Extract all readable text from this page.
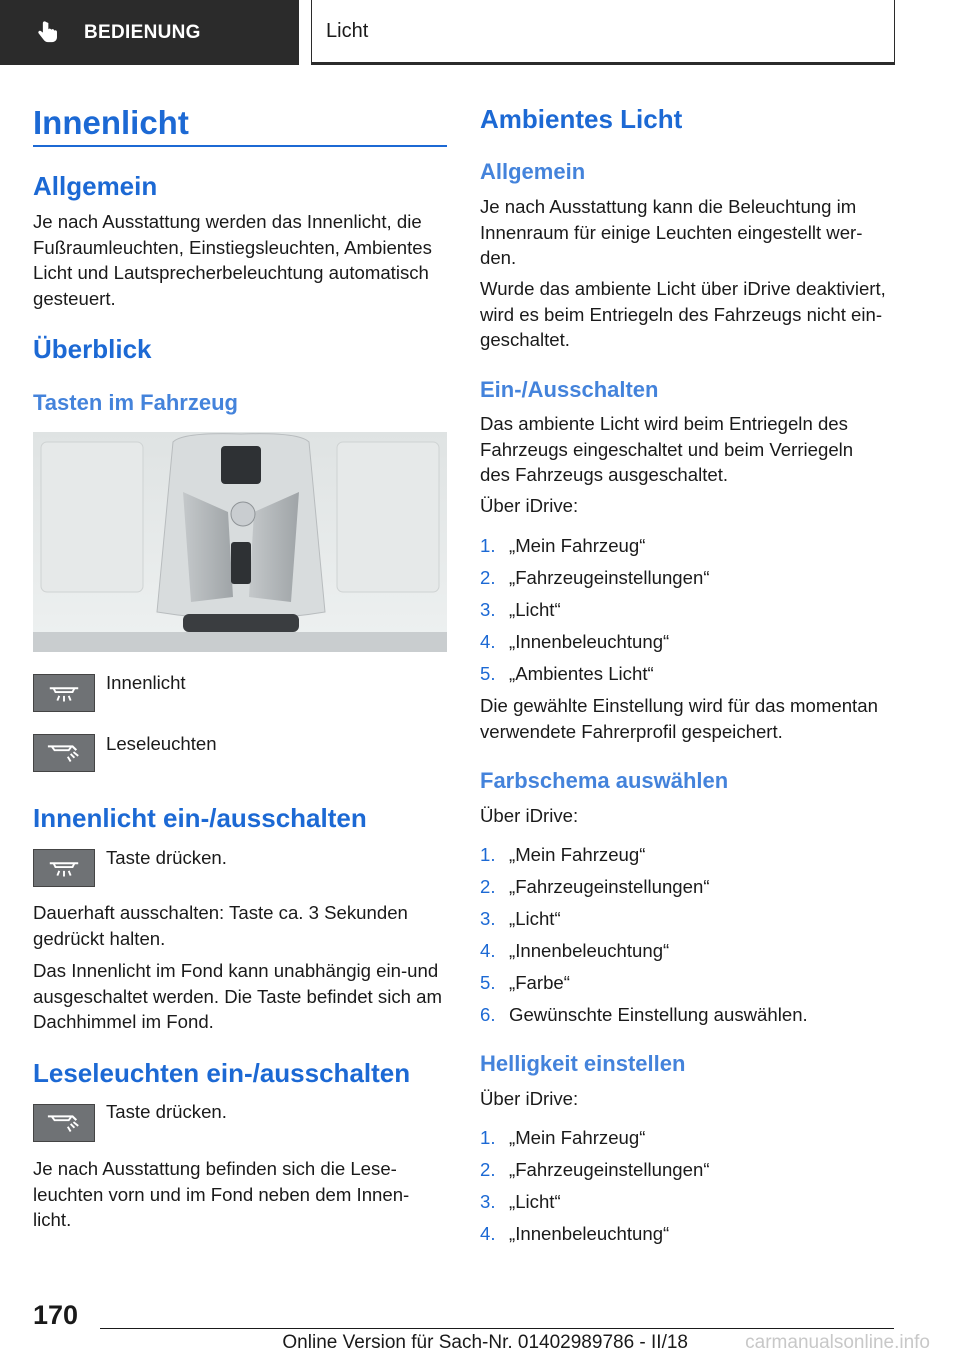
BEDIENUNG	Licht
Innenlicht
Allgemein
Je nach Ausstattung werden das Innenlicht, die Fußraumleuchten, Einstiegsleuchten, Ambientes Licht und Lautsprecherbeleuchtung automatisch gesteuert.
Überblick
Tasten im Fahrzeug
Innenlicht
Leseleuchten
Innenlicht ein-/ausschalten
Taste drücken.
Dauerhaft ausschalten: Taste ca. 3 Sekunden gedrückt halten.
Das Innenlicht im Fond kann unabhängig ein-und ausgeschaltet werden. Die Taste befindet sich am Dachhimmel im Fond.
Leseleuchten ein-/ausschalten
Taste drücken.
Je nach Ausstattung befinden sich die Lese-leuchten vorn und im Fond neben dem Innen-licht.
Ambientes Licht
Allgemein
Je nach Ausstattung kann die Beleuchtung im Innenraum für einige Leuchten eingestellt wer-den.
Wurde das ambiente Licht über iDrive deaktiviert, wird es beim Entriegeln des Fahrzeugs nicht ein-geschaltet.
Ein-/Ausschalten
Das ambiente Licht wird beim Entriegeln des Fahrzeugs eingeschaltet und beim Verriegeln des Fahrzeugs ausgeschaltet.
Über iDrive:
1. „Mein Fahrzeug“
2. „Fahrzeugeinstellungen“
3. „Licht“
4. „Innenbeleuchtung“
5. „Ambientes Licht“
Die gewählte Einstellung wird für das momentan verwendete Fahrerprofil gespeichert.
Farbschema auswählen
Über iDrive:
1. „Mein Fahrzeug“
2. „Fahrzeugeinstellungen“
3. „Licht“
4. „Innenbeleuchtung“
5. „Farbe“
6. Gewünschte Einstellung auswählen.
Helligkeit einstellen
Über iDrive:
1. „Mein Fahrzeug“
2. „Fahrzeugeinstellungen“
3. „Licht“
4. „Innenbeleuchtung“
170
carmanualsonline.info
Online Version für Sach-Nr. 01402989786 - II/18
